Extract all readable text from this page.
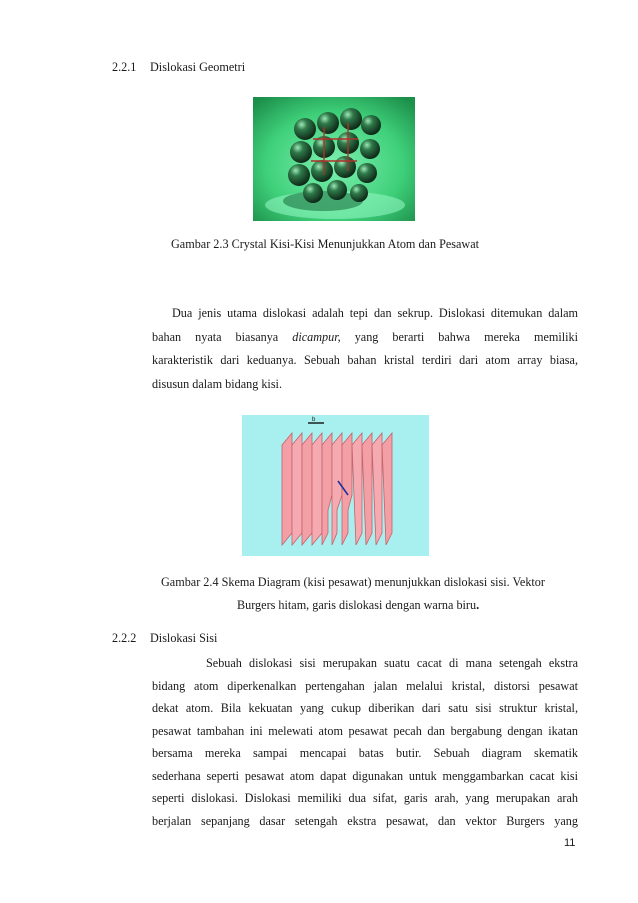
2.2.1 Dislokasi Geometri
Gambar 2.3 Crystal Kisi-Kisi Menunjukkan Atom dan Pesawat
Dua jenis utama dislokasi adalah tepi dan sekrup. Dislokasi ditemukan dalam
bahan nyata biasanya dicampur, yang berarti bahwa mereka memiliki
karakteristik dari keduanya. Sebuah bahan kristal terdiri dari atom array biasa,
disusun dalam bidang kisi.
b
Gambar 2.4 Skema Diagram (kisi pesawat) menunjukkan dislokasi sisi. Vektor
Burgers hitam, garis dislokasi dengan warna biru.
2.2.2 Dislokasi Sisi
Sebuah dislokasi sisi merupakan suatu cacat di mana setengah ekstra
bidang atom diperkenalkan pertengahan jalan melalui kristal, distorsi pesawat
dekat atom. Bila kekuatan yang cukup diberikan dari satu sisi struktur kristal,
pesawat tambahan ini melewati atom pesawat pecah dan bergabung dengan ikatan
bersama mereka sampai mencapai batas butir. Sebuah diagram skematik
sederhana seperti pesawat atom dapat digunakan untuk menggambarkan cacat kisi
seperti dislokasi. Dislokasi memiliki dua sifat, garis arah, yang merupakan arah
berjalan sepanjang dasar setengah ekstra pesawat, dan vektor Burgers yang
11
